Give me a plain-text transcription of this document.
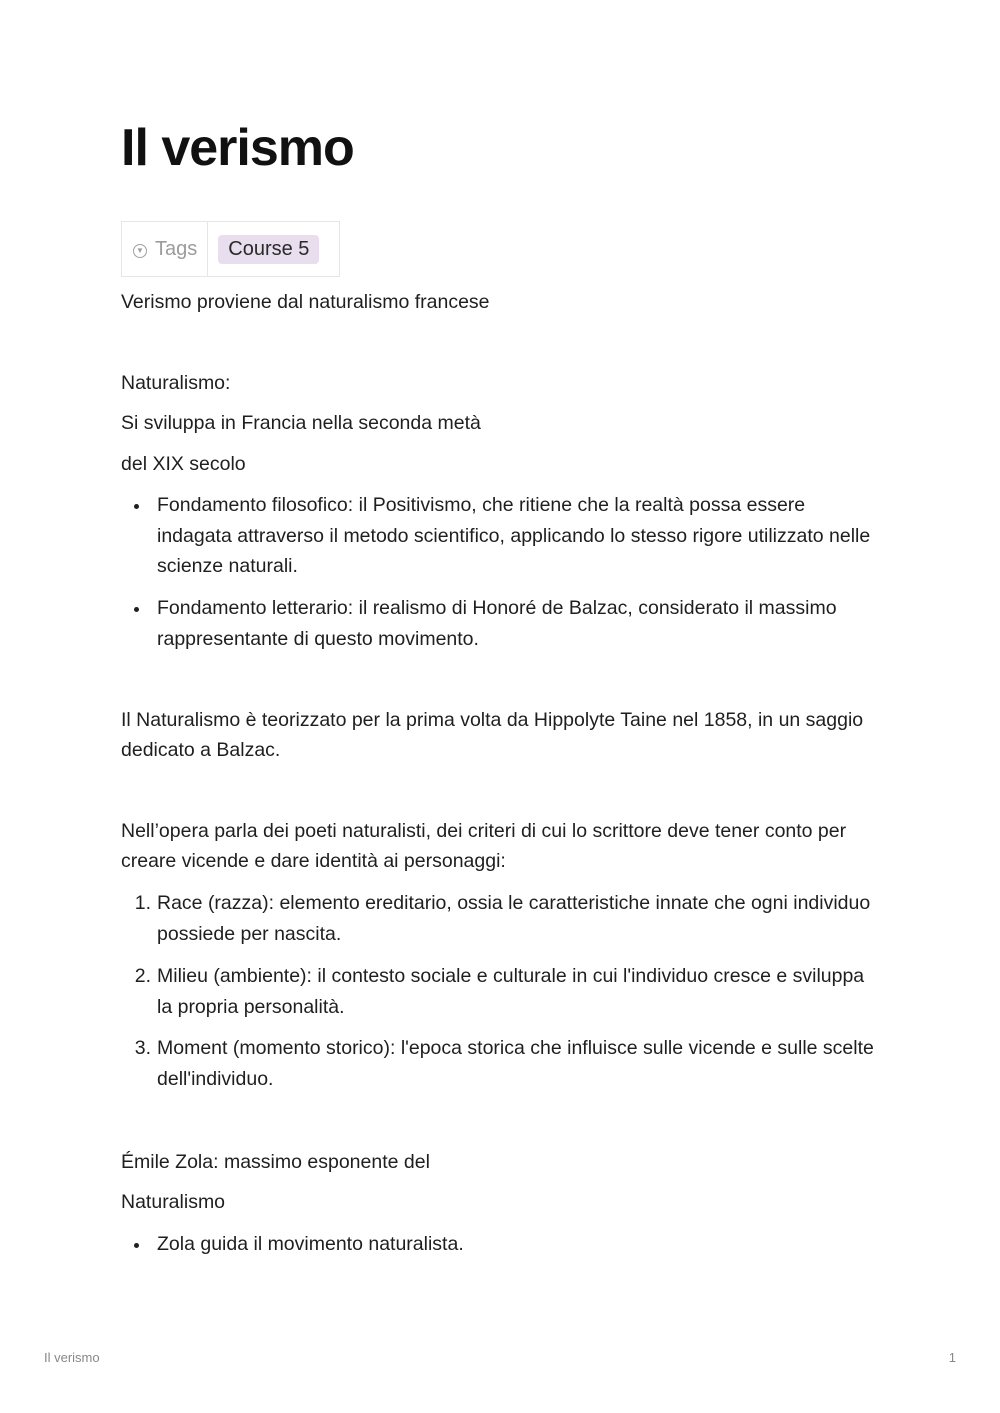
Il verismo
▼ Tags	Course 5

Verismo proviene dal naturalismo francese

Naturalismo:

Si sviluppa in Francia nella seconda metà

del XIX secolo

Fondamento filosofico: il Positivismo, che ritiene che la realtà possa essere indagata attraverso il metodo scientifico, applicando lo stesso rigore utilizzato nelle scienze naturali.
Fondamento letterario: il realismo di Honoré de Balzac, considerato il massimo rappresentante di questo movimento.

Il Naturalismo è teorizzato per la prima volta da Hippolyte Taine nel 1858, in un saggio dedicato a Balzac.

Nell’opera parla dei poeti naturalisti, dei criteri di cui lo scrittore deve tener conto per creare vicende e dare identità ai personaggi:

1. Race (razza): elemento ereditario, ossia le caratteristiche innate che ogni individuo possiede per nascita.
2. Milieu (ambiente): il contesto sociale e culturale in cui l'individuo cresce e sviluppa la propria personalità.
3. Moment (momento storico): l'epoca storica che influisce sulle vicende e sulle scelte dell'individuo.

Émile Zola: massimo esponente del

Naturalismo

Zola guida il movimento naturalista.
Il verismo	1
